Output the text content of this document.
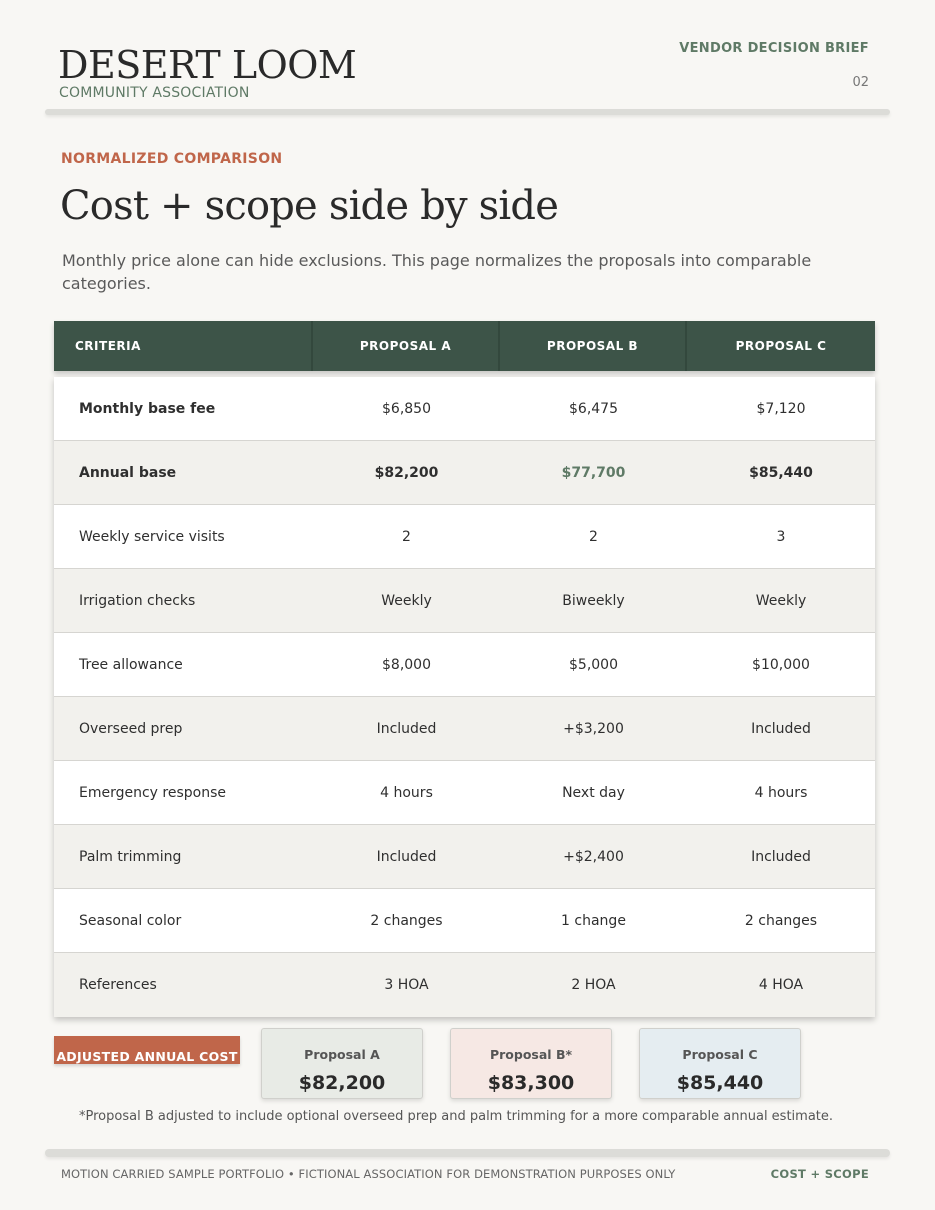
DESERT LOOM
COMMUNITY ASSOCIATION
VENDOR DECISION BRIEF
02
NORMALIZED COMPARISON
Cost + scope side by side
Monthly price alone can hide exclusions. This page normalizes the proposals into comparable categories.
CRITERIA	PROPOSAL A	PROPOSAL B	PROPOSAL C
Monthly base fee	$6,850	$6,475	$7,120
Annual base	$82,200	$77,700	$85,440
Weekly service visits	2	2	3
Irrigation checks	Weekly	Biweekly	Weekly
Tree allowance	$8,000	$5,000	$10,000
Overseed prep	Included	+$3,200	Included
Emergency response	4 hours	Next day	4 hours
Palm trimming	Included	+$2,400	Included
Seasonal color	2 changes	1 change	2 changes
References	3 HOA	2 HOA	4 HOA
ADJUSTED ANNUAL COST	Proposal A
$82,200
Proposal B*
$83,300
Proposal C
$85,440
*Proposal B adjusted to include optional overseed prep and palm trimming for a more comparable annual estimate.
MOTION CARRIED SAMPLE PORTFOLIO • FICTIONAL ASSOCIATION FOR DEMONSTRATION PURPOSES ONLY	COST + SCOPE
